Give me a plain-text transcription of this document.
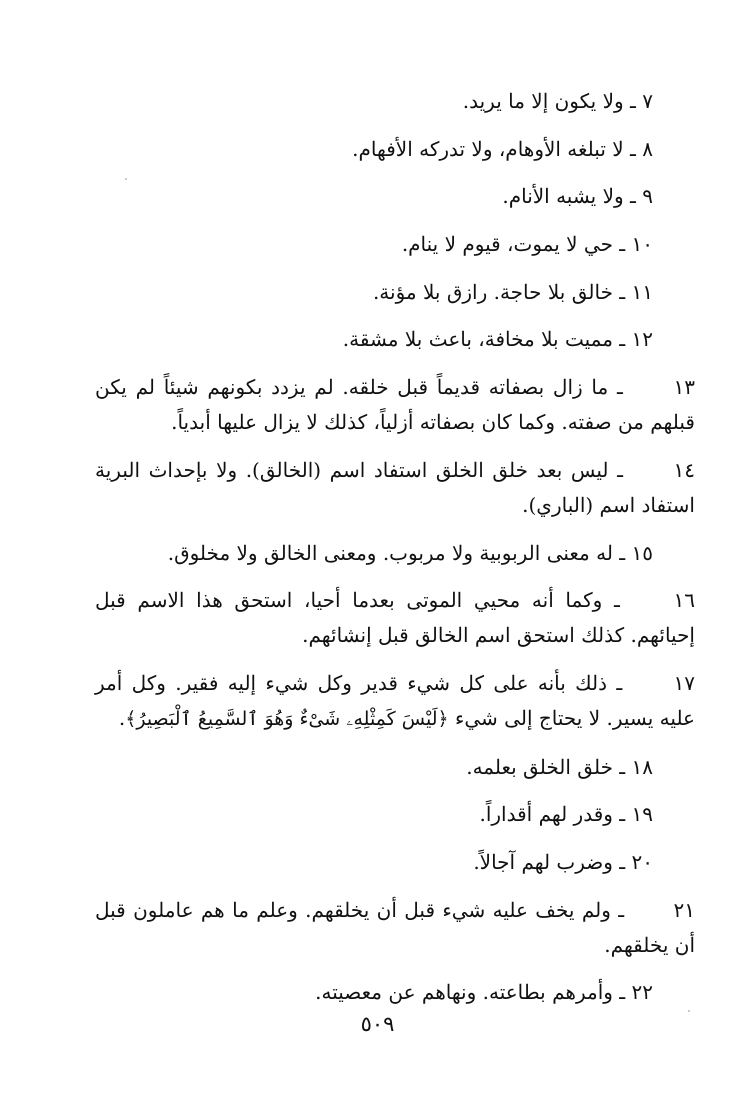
٧ ـ ولا يكون إلا ما يريد.

٨ ـ لا تبلغه الأوهام، ولا تدركه الأفهام.

٩ ـ ولا يشبه الأنام.

١٠ ـ حي لا يموت، قيوم لا ينام.

١١ ـ خالق بلا حاجة. رازق بلا مؤنة.

١٢ ـ مميت بلا مخافة، باعث بلا مشقة.

١٣ ـ ما زال بصفاته قديماً قبل خلقه. لم يزدد بكونهم شيئاً لم يكن قبلهم من صفته. وكما كان بصفاته أزلياً، كذلك لا يزال عليها أبدياً.

١٤ ـ ليس بعد خلق الخلق استفاد اسم (الخالق). ولا بإحداث البرية استفاد اسم (الباري).

١٥ ـ له معنى الربوبية ولا مربوب. ومعنى الخالق ولا مخلوق.

١٦ ـ وكما أنه محيي الموتى بعدما أحيا، استحق هذا الاسم قبل إحيائهم. كذلك استحق اسم الخالق قبل إنشائهم.

١٧ ـ ذلك بأنه على كل شيء قدير وكل شيء إليه فقير. وكل أمر عليه يسير. لا يحتاج إلى شيء ﴿لَيْسَ كَمِثْلِهِۦ شَىْءٌ وَهُوَ ٱلسَّمِيعُ ٱلْبَصِيرُ﴾.

١٨ ـ خلق الخلق بعلمه.

١٩ ـ وقدر لهم أقداراً.

٢٠ ـ وضرب لهم آجالاً.

٢١ ـ ولم يخف عليه شيء قبل أن يخلقهم. وعلم ما هم عاملون قبل أن يخلقهم.

٢٢ ـ وأمرهم بطاعته. ونهاهم عن معصيته.

٥٠٩
